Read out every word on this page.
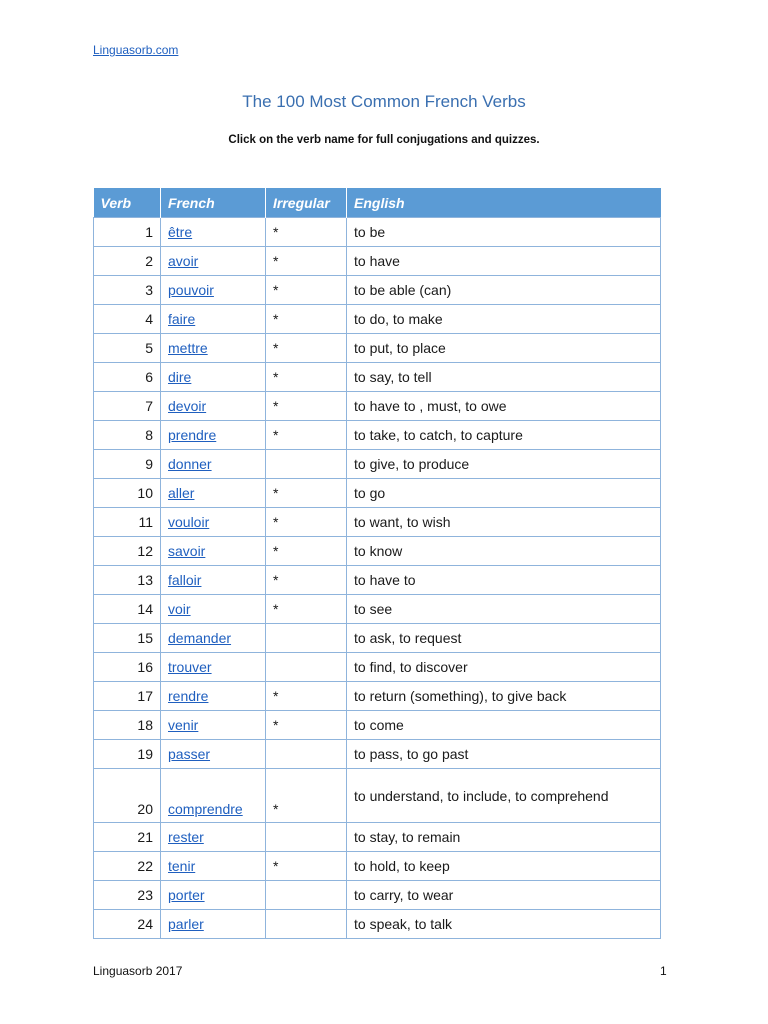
Linguasorb.com
The 100 Most Common French Verbs
Click on the verb name for full conjugations and quizzes.
Verb	French	Irregular	English
1	être	*	to be
2	avoir	*	to have
3	pouvoir	*	to be able (can)
4	faire	*	to do, to make
5	mettre	*	to put, to place
6	dire	*	to say, to tell
7	devoir	*	to have to , must, to owe
8	prendre	*	to take, to catch, to capture
9	donner		to give, to produce
10	aller	*	to go
11	vouloir	*	to want, to wish
12	savoir	*	to know
13	falloir	*	to have to
14	voir	*	to see
15	demander		to ask, to request
16	trouver		to find, to discover
17	rendre	*	to return (something), to give back
18	venir	*	to come
19	passer		to pass, to go past
20	comprendre	*	to understand, to include, to comprehend
21	rester		to stay, to remain
22	tenir	*	to hold, to keep
23	porter		to carry, to wear
24	parler		to speak, to talk
Linguasorb 2017	1
